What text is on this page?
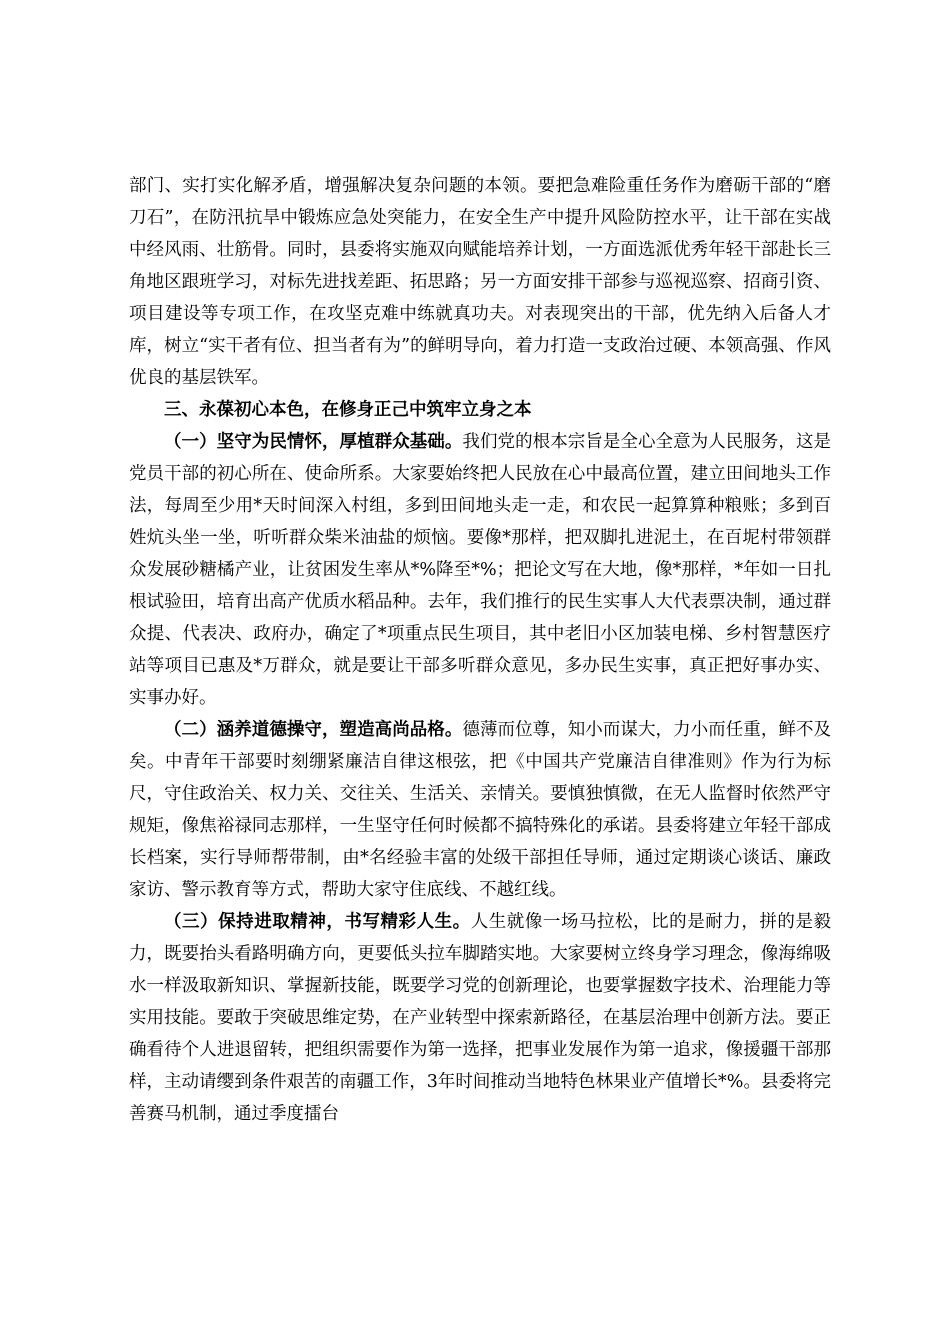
部门、实打实化解矛盾，增强解决复杂问题的本领。要把急难险重任务作为磨砺干部的“磨刀石”，在防汛抗旱中锻炼应急处突能力，在安全生产中提升风险防控水平，让干部在实战中经风雨、壮筋骨。同时，县委将实施双向赋能培养计划，一方面选派优秀年轻干部赴长三角地区跟班学习，对标先进找差距、拓思路；另一方面安排干部参与巡视巡察、招商引资、项目建设等专项工作，在攻坚克难中练就真功夫。对表现突出的干部，优先纳入后备人才库，树立“实干者有位、担当者有为”的鲜明导向，着力打造一支政治过硬、本领高强、作风优良的基层铁军。

三、永葆初心本色，在修身正己中筑牢立身之本

（一）坚守为民情怀，厚植群众基础。我们党的根本宗旨是全心全意为人民服务，这是党员干部的初心所在、使命所系。大家要始终把人民放在心中最高位置，建立田间地头工作法，每周至少用*天时间深入村组，多到田间地头走一走，和农民一起算算种粮账；多到百姓炕头坐一坐，听听群众柴米油盐的烦恼。要像*那样，把双脚扎进泥土，在百坭村带领群众发展砂糖橘产业，让贫困发生率从*%降至*%；把论文写在大地，像*那样，*年如一日扎根试验田，培育出高产优质水稻品种。去年，我们推行的民生实事人大代表票决制，通过群众提、代表决、政府办，确定了*项重点民生项目，其中老旧小区加装电梯、乡村智慧医疗站等项目已惠及*万群众，就是要让干部多听群众意见，多办民生实事，真正把好事办实、实事办好。

（二）涵养道德操守，塑造高尚品格。德薄而位尊，知小而谋大，力小而任重，鲜不及矣。中青年干部要时刻绷紧廉洁自律这根弦，把《中国共产党廉洁自律准则》作为行为标尺，守住政治关、权力关、交往关、生活关、亲情关。要慎独慎微，在无人监督时依然严守规矩，像焦裕禄同志那样，一生坚守任何时候都不搞特殊化的承诺。县委将建立年轻干部成长档案，实行导师帮带制，由*名经验丰富的处级干部担任导师，通过定期谈心谈话、廉政家访、警示教育等方式，帮助大家守住底线、不越红线。

（三）保持进取精神，书写精彩人生。人生就像一场马拉松，比的是耐力，拼的是毅力，既要抬头看路明确方向，更要低头拉车脚踏实地。大家要树立终身学习理念，像海绵吸水一样汲取新知识、掌握新技能，既要学习党的创新理论，也要掌握数字技术、治理能力等实用技能。要敢于突破思维定势，在产业转型中探索新路径，在基层治理中创新方法。要正确看待个人进退留转，把组织需要作为第一选择，把事业发展作为第一追求，像援疆干部那样，主动请缨到条件艰苦的南疆工作，3年时间推动当地特色林果业产值增长*%。县委将完善赛马机制，通过季度擂台
